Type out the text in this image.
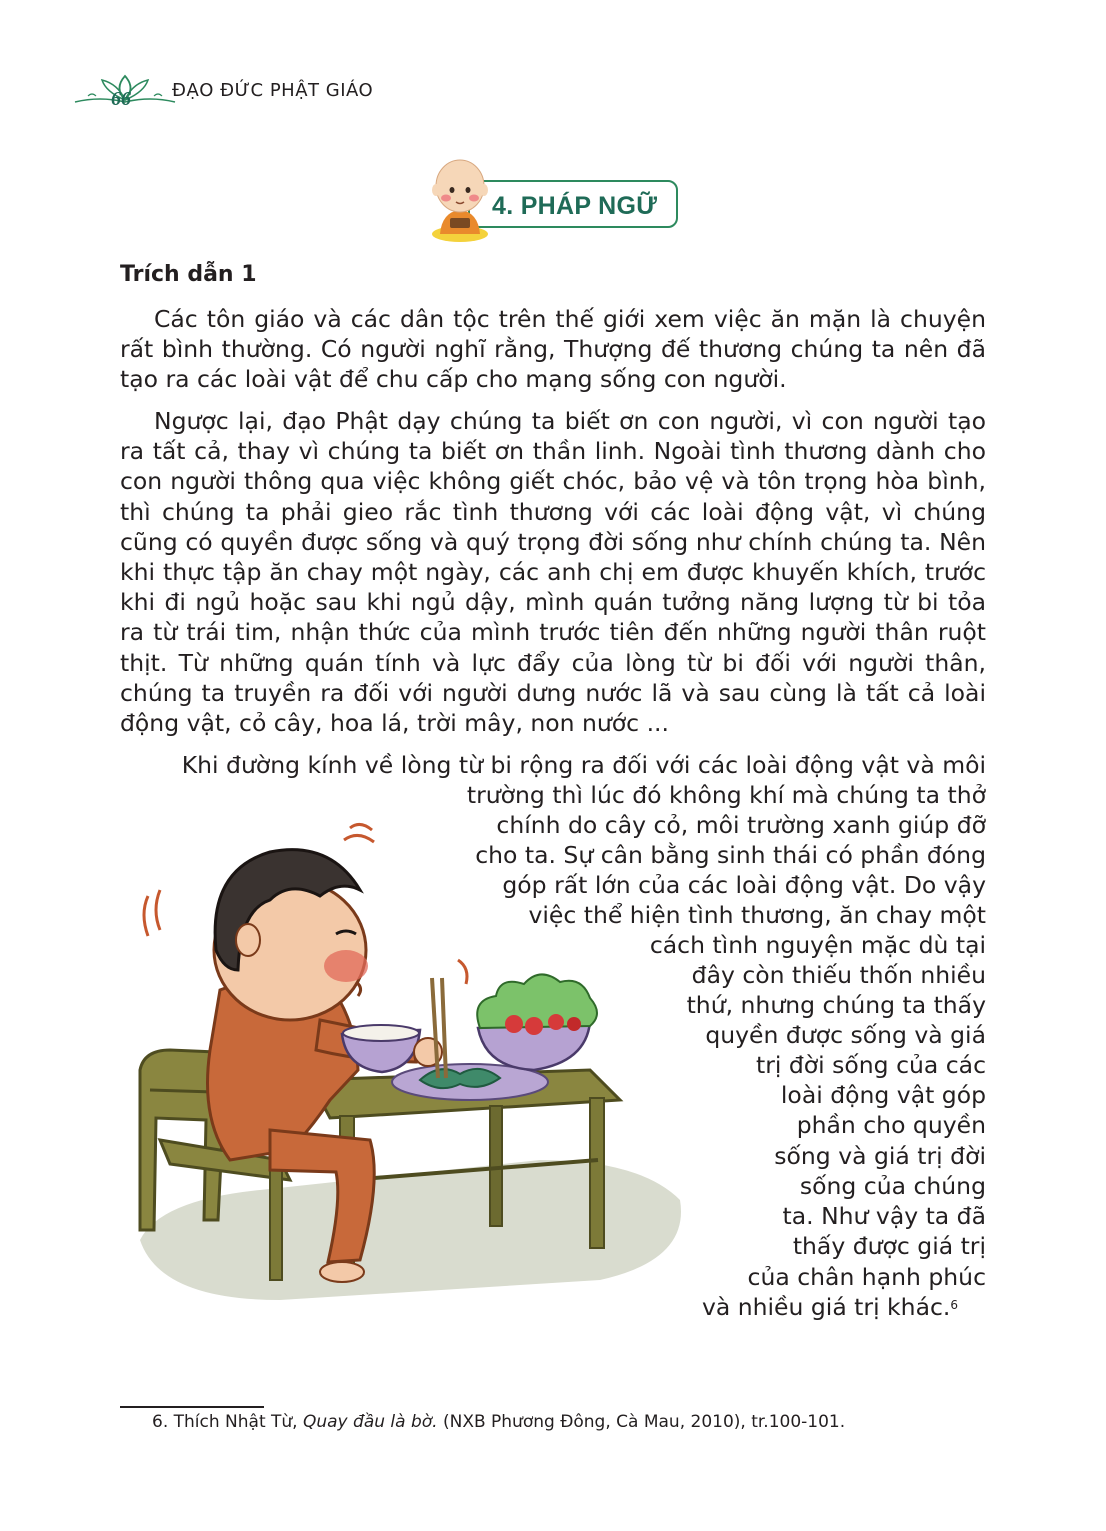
66 ĐẠO ĐỨC PHẬT GIÁO
4. PHÁP NGỮ
Trích dẫn 1

Các tôn giáo và các dân tộc trên thế giới xem việc ăn mặn là chuyện rất bình thường. Có người nghĩ rằng, Thượng đế thương chúng ta nên đã tạo ra các loài vật để chu cấp cho mạng sống con người.

Ngược lại, đạo Phật dạy chúng ta biết ơn con người, vì con người tạo ra tất cả, thay vì chúng ta biết ơn thần linh. Ngoài tình thương dành cho con người thông qua việc không giết chóc, bảo vệ và tôn trọng hòa bình, thì chúng ta phải gieo rắc tình thương với các loài động vật, vì chúng cũng có quyền được sống và quý trọng đời sống như chính chúng ta. Nên khi thực tập ăn chay một ngày, các anh chị em được khuyến khích, trước khi đi ngủ hoặc sau khi ngủ dậy, mình quán tưởng năng lượng từ bi tỏa ra từ trái tim, nhận thức của mình trước tiên đến những người thân ruột thịt. Từ những quán tính và lực đẩy của lòng từ bi đối với người thân, chúng ta truyền ra đối với người dưng nước lã và sau cùng là tất cả loài động vật, cỏ cây, hoa lá, trời mây, non nước ...

Khi đường kính về lòng từ bi rộng ra đối với các loài động vật và môi
trường thì lúc đó không khí mà chúng ta thở
chính do cây cỏ, môi trường xanh giúp đỡ
cho ta. Sự cân bằng sinh thái có phần đóng
góp rất lớn của các loài động vật. Do vậy
việc thể hiện tình thương, ăn chay một
cách tình nguyện mặc dù tại
đây còn thiếu thốn nhiều
thứ, nhưng chúng ta thấy
quyền được sống và giá
trị đời sống của các
loài động vật góp
phần cho quyền
sống và giá trị đời
sống của chúng
ta. Như vậy ta đã
thấy được giá trị
của chân hạnh phúc
và nhiều giá trị khác.$^6$
6. Thích Nhật Từ, Quay đầu là bờ. (NXB Phương Đông, Cà Mau, 2010), tr.100-101.
